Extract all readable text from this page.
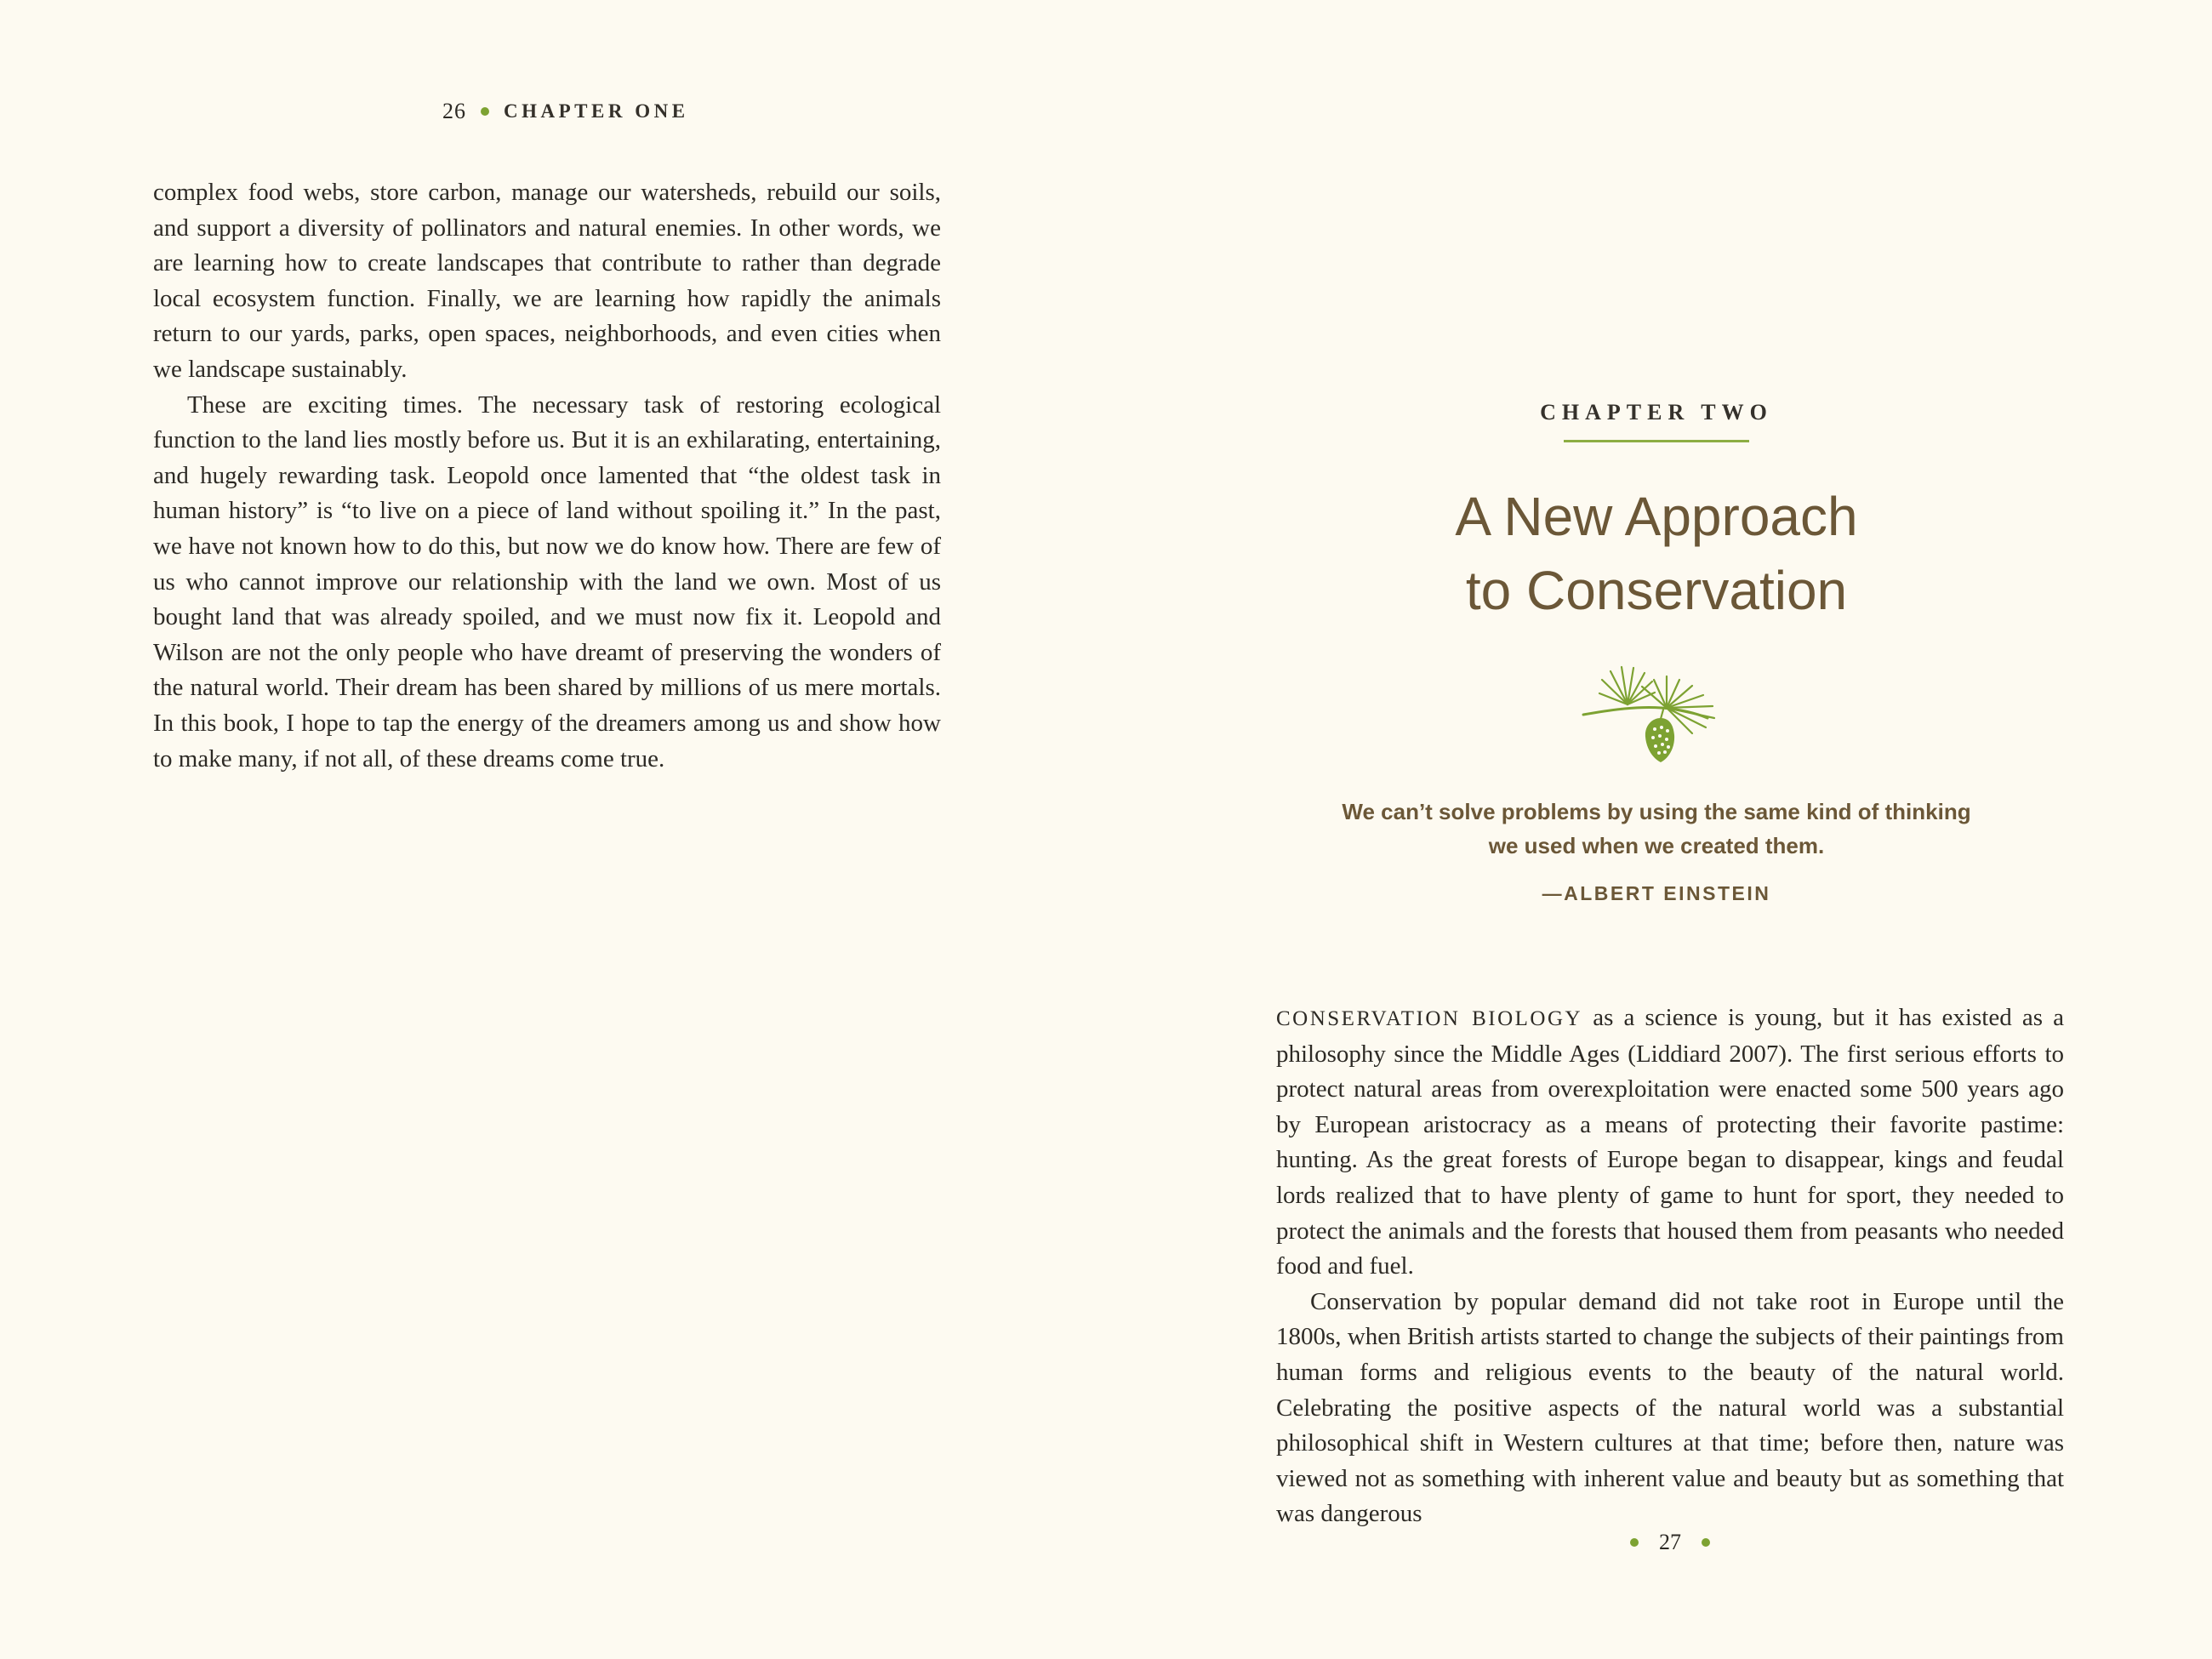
26 CHAPTER ONE

complex food webs, store carbon, manage our watersheds, rebuild our soils, and support a diversity of pollinators and natural enemies. In other words, we are learning how to create landscapes that contribute to rather than degrade local ecosystem function. Finally, we are learning how rapidly the animals return to our yards, parks, open spaces, neighborhoods, and even cities when we landscape sustainably.

These are exciting times. The necessary task of restoring ecological function to the land lies mostly before us. But it is an exhilarating, entertaining, and hugely rewarding task. Leopold once lamented that “the oldest task in human history” is “to live on a piece of land without spoiling it.” In the past, we have not known how to do this, but now we do know how. There are few of us who cannot improve our relationship with the land we own. Most of us bought land that was already spoiled, and we must now fix it. Leopold and Wilson are not the only people who have dreamt of preserving the wonders of the natural world. Their dream has been shared by millions of us mere mortals. In this book, I hope to tap the energy of the dreamers among us and show how to make many, if not all, of these dreams come true.

CHAPTER TWO
A New Approach
to Conservation

We can’t solve problems by using the same kind of thinking

we used when we created them.

—ALBERT EINSTEIN

CONSERVATION BIOLOGY as a science is young, but it has existed as a philosophy since the Middle Ages (Liddiard 2007). The first serious efforts to protect natural areas from overexploitation were enacted some 500 years ago by European aristocracy as a means of protecting their favorite pastime: hunting. As the great forests of Europe began to disappear, kings and feudal lords realized that to have plenty of game to hunt for sport, they needed to protect the animals and the forests that housed them from peasants who needed food and fuel.

Conservation by popular demand did not take root in Europe until the 1800s, when British artists started to change the subjects of their paintings from human forms and religious events to the beauty of the natural world. Celebrating the positive aspects of the natural world was a substantial philosophical shift in Western cultures at that time; before then, nature was viewed not as something with inherent value and beauty but as something that was dangerous

27
